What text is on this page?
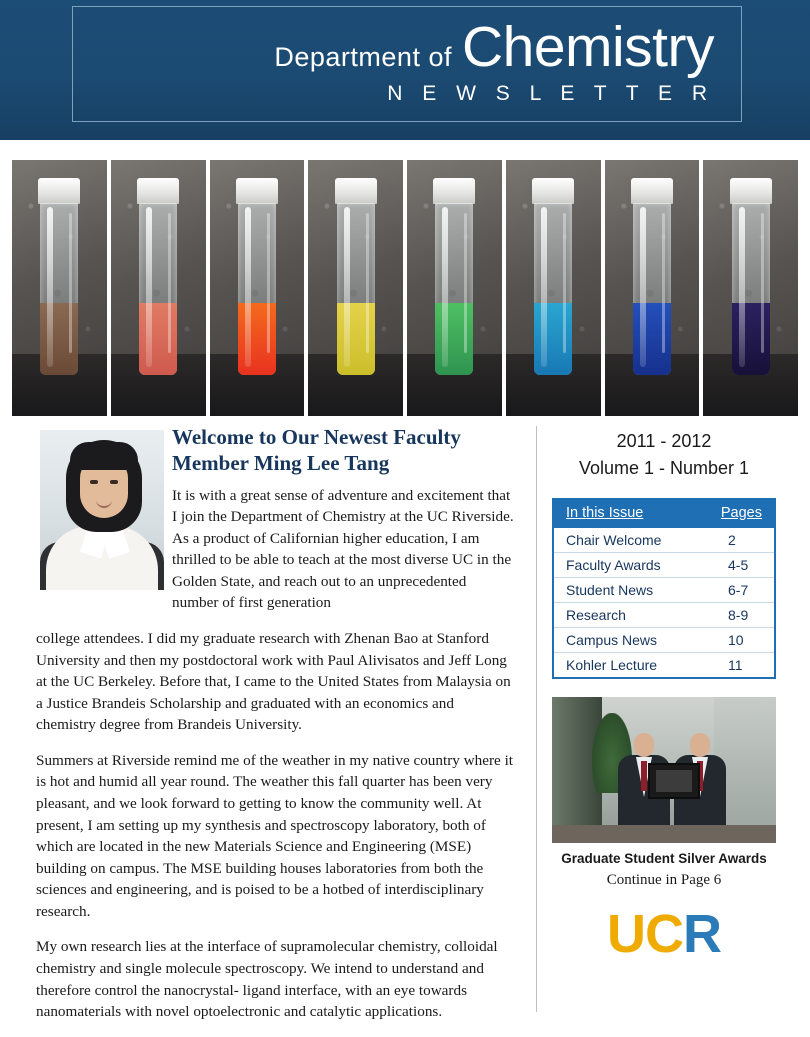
Department of Chemistry
N E W S L E T T E R
Welcome to Our Newest Faculty Member Ming Lee Tang

It is with a great sense of adventure and excitement that I join the Department of Chemistry at the UC Riverside. As a product of Californian higher education, I am thrilled to be able to teach at the most diverse UC in the Golden State, and reach out to an unprecedented number of first generation

college attendees. I did my graduate research with Zhenan Bao at Stanford University and then my postdoctoral work with Paul Alivisatos and Jeff Long at the UC Berkeley. Before that, I came to the United States from Malaysia on a Justice Brandeis Scholarship and graduated with an economics and chemistry degree from Brandeis University.

Summers at Riverside remind me of the weather in my native country where it is hot and humid all year round. The weather this fall quarter has been very pleasant, and we look forward to getting to know the community well. At present, I am setting up my synthesis and spectroscopy laboratory, both of which are located in the new Materials Science and Engineering (MSE) building on campus. The MSE building houses laboratories from both the sciences and engineering, and is poised to be a hotbed of interdisciplinary research.

My own research lies at the interface of supramolecular chemistry, colloidal chemistry and single molecule spectroscopy. We intend to understand and therefore control the nanocrystal- ligand interface, with an eye towards nanomaterials with novel optoelectronic and catalytic applications.

2011 - 2012

Volume 1 - Number 1

In this Issue	Pages
Chair Welcome	2
Faculty Awards	4-5
Student News	6-7
Research	8-9
Campus News	10
Kohler Lecture	11
Graduate Student Silver Awards
Continue in Page 6
UCR
